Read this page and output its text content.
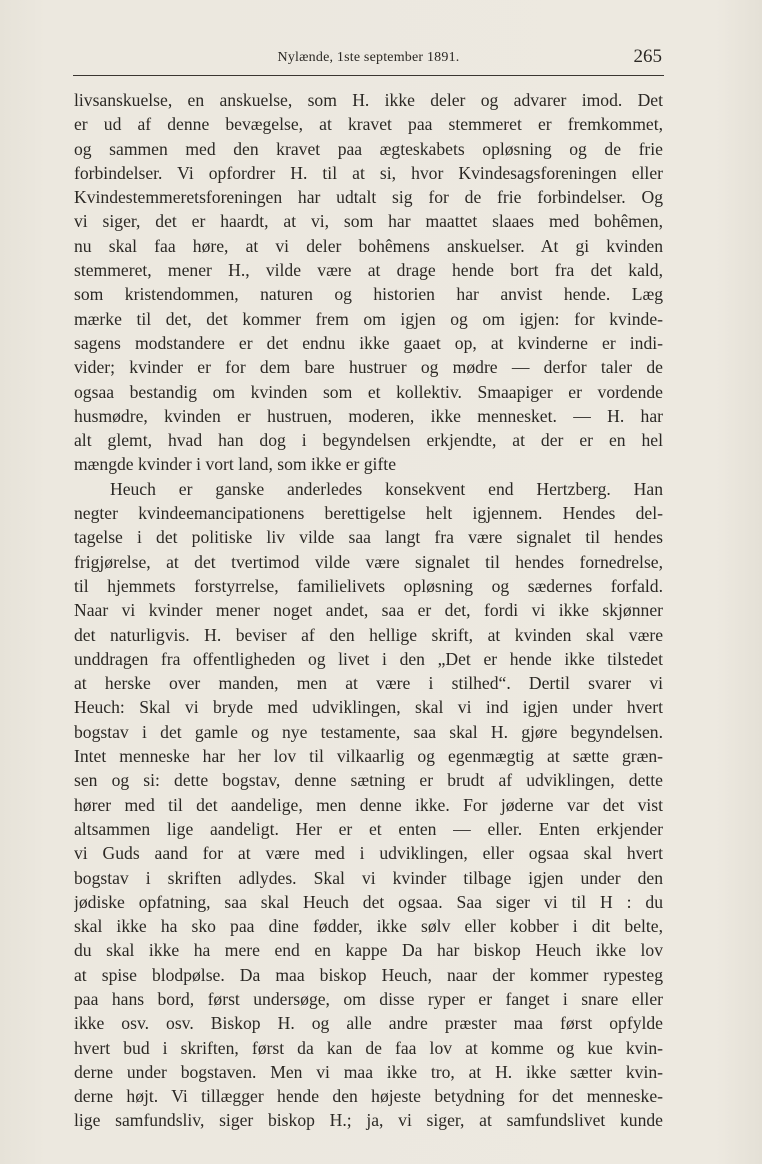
Nylænde, 1ste september 1891.	265
livsanskuelse, en anskuelse, som H. ikke deler og advarer imod. Det
er ud af denne bevægelse, at kravet paa stemmeret er fremkommet,
og sammen med den kravet paa ægteskabets opløsning og de frie
forbindelser. Vi opfordrer H. til at si, hvor Kvindesagsforeningen eller
Kvindestemmeretsforeningen har udtalt sig for de frie forbindelser. Og
vi siger, det er haardt, at vi, som har maattet slaaes med bohêmen,
nu skal faa høre, at vi deler bohêmens anskuelser. At gi kvinden
stemmeret, mener H., vilde være at drage hende bort fra det kald,
som kristendommen, naturen og historien har anvist hende. Læg
mærke til det, det kommer frem om igjen og om igjen: for kvinde-
sagens modstandere er det endnu ikke gaaet op, at kvinderne er indi-
vider; kvinder er for dem bare hustruer og mødre — derfor taler de
ogsaa bestandig om kvinden som et kollektiv. Smaapiger er vordende
husmødre, kvinden er hustruen, moderen, ikke mennesket. — H. har
alt glemt, hvad han dog i begyndelsen erkjendte, at der er en hel
mængde kvinder i vort land, som ikke er gifte
Heuch er ganske anderledes konsekvent end Hertzberg. Han
negter kvindeemancipationens berettigelse helt igjennem. Hendes del-
tagelse i det politiske liv vilde saa langt fra være signalet til hendes
frigjørelse, at det tvertimod vilde være signalet til hendes fornedrelse,
til hjemmets forstyrrelse, familielivets opløsning og sædernes forfald.
Naar vi kvinder mener noget andet, saa er det, fordi vi ikke skjønner
det naturligvis. H. beviser af den hellige skrift, at kvinden skal være
unddragen fra offentligheden og livet i den „Det er hende ikke tilstedet
at herske over manden, men at være i stilhed“. Dertil svarer vi
Heuch: Skal vi bryde med udviklingen, skal vi ind igjen under hvert
bogstav i det gamle og nye testamente, saa skal H. gjøre begyndelsen.
Intet menneske har her lov til vilkaarlig og egenmægtig at sætte græn-
sen og si: dette bogstav, denne sætning er brudt af udviklingen, dette
hører med til det aandelige, men denne ikke. For jøderne var det vist
altsammen lige aandeligt. Her er et enten — eller. Enten erkjender
vi Guds aand for at være med i udviklingen, eller ogsaa skal hvert
bogstav i skriften adlydes. Skal vi kvinder tilbage igjen under den
jødiske opfatning, saa skal Heuch det ogsaa. Saa siger vi til H : du
skal ikke ha sko paa dine fødder, ikke sølv eller kobber i dit belte,
du skal ikke ha mere end en kappe Da har biskop Heuch ikke lov
at spise blodpølse. Da maa biskop Heuch, naar der kommer rypesteg
paa hans bord, først undersøge, om disse ryper er fanget i snare eller
ikke osv. osv. Biskop H. og alle andre præster maa først opfylde
hvert bud i skriften, først da kan de faa lov at komme og kue kvin-
derne under bogstaven. Men vi maa ikke tro, at H. ikke sætter kvin-
derne højt. Vi tillægger hende den højeste betydning for det menneske-
lige samfundsliv, siger biskop H.; ja, vi siger, at samfundslivet kunde
